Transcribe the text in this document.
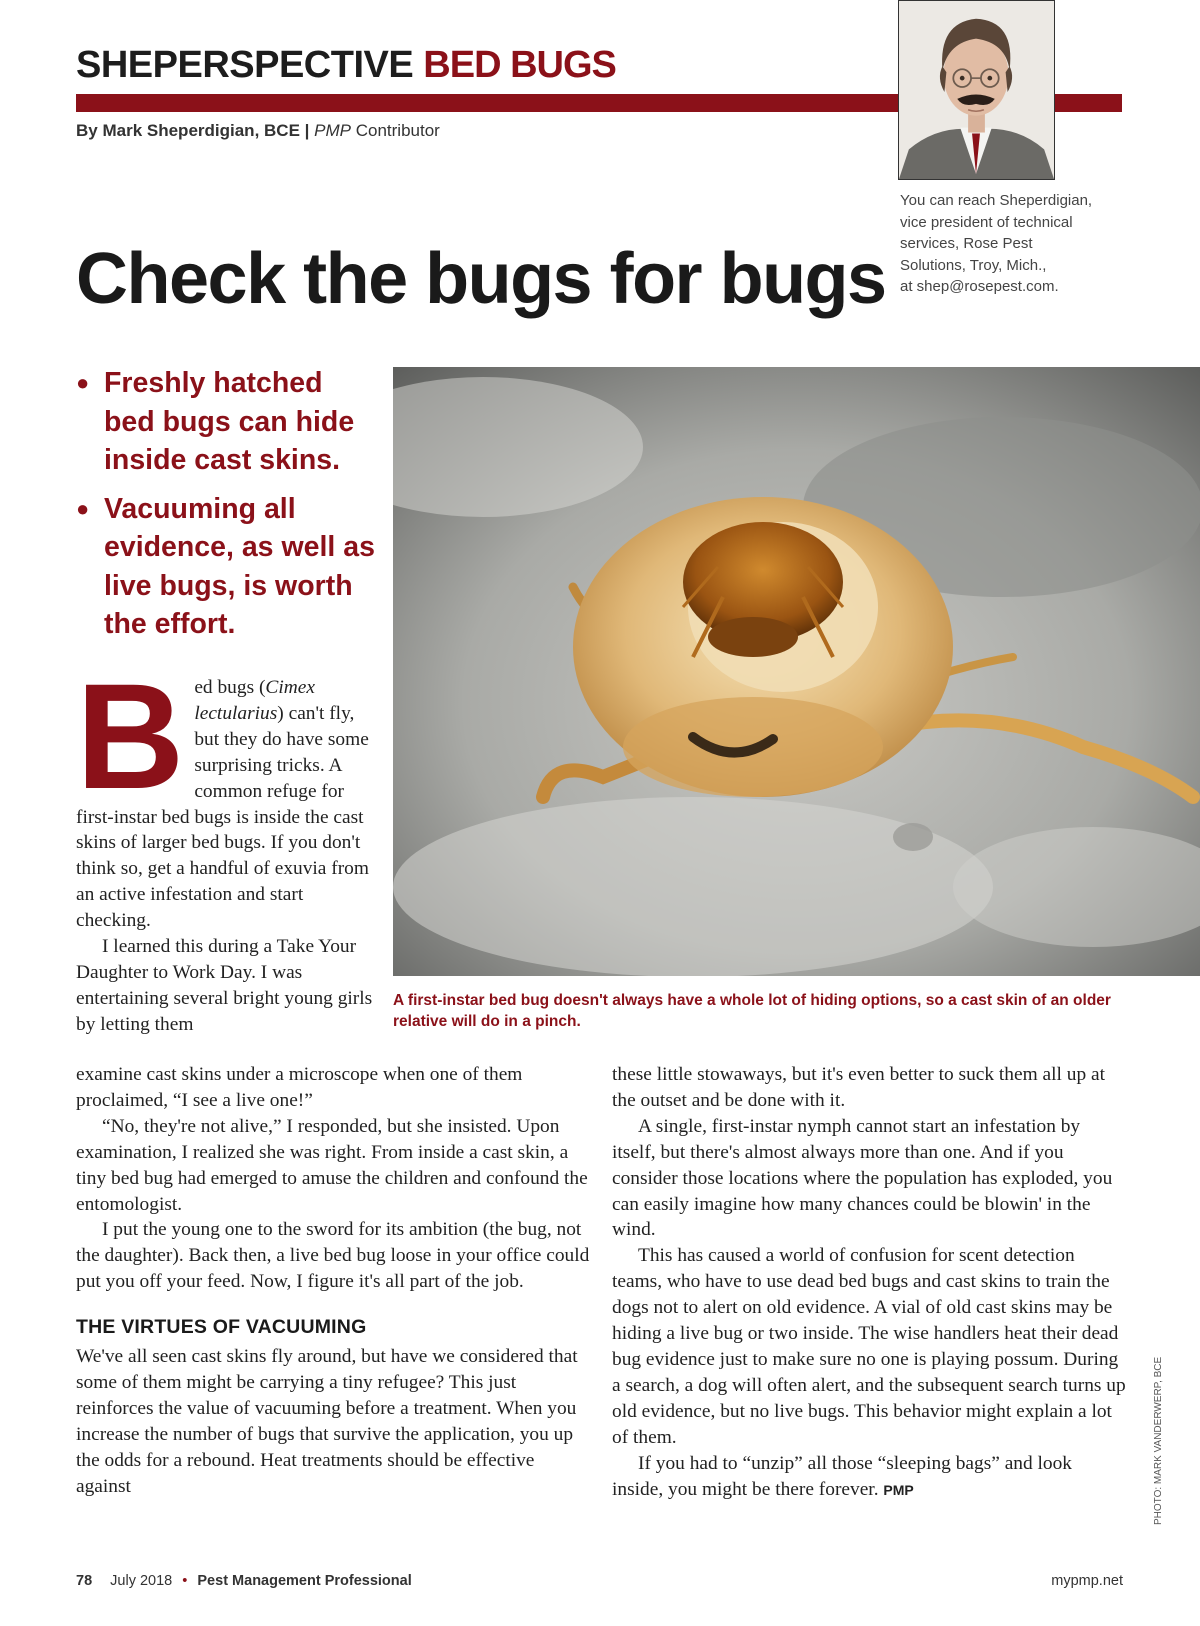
SHEPERSPECTIVE BED BUGS
By Mark Sheperdigian, BCE | PMP Contributor
You can reach Sheperdigian,
vice president of technical
services, Rose Pest
Solutions, Troy, Mich.,
at shep@rosepest.com.
Check the bugs for bugs
● Freshly hatched bed bugs can hide inside cast skins.
● Vacuuming all evidence, as well as live bugs, is worth the effort.

A first-instar bed bug doesn't always have a whole lot of hiding options, so a cast skin of an older relative will do in a pinch.

B ed bugs (Cimex lectularius) can't fly, but they do have some surprising tricks. A common refuge for first-instar bed bugs is inside the cast skins of larger bed bugs. If you don't think so, get a handful of exuvia from an active infestation and start checking.

I learned this during a Take Your Daughter to Work Day. I was entertaining several bright young girls by letting them

examine cast skins under a microscope when one of them proclaimed, “I see a live one!”

“No, they're not alive,” I responded, but she insisted. Upon examination, I realized she was right. From inside a cast skin, a tiny bed bug had emerged to amuse the children and confound the entomologist.

I put the young one to the sword for its ambition (the bug, not the daughter). Back then, a live bed bug loose in your office could put you off your feed. Now, I figure it's all part of the job.

THE VIRTUES OF VACUUMING

We've all seen cast skins fly around, but have we considered that some of them might be carrying a tiny refugee? This just reinforces the value of vacuuming before a treatment. When you increase the number of bugs that survive the application, you up the odds for a rebound. Heat treatments should be effective against

these little stowaways, but it's even better to suck them all up at the outset and be done with it.

A single, first-instar nymph cannot start an infestation by itself, but there's almost always more than one. And if you consider those locations where the population has exploded, you can easily imagine how many chances could be blowin' in the wind.

This has caused a world of confusion for scent detection teams, who have to use dead bed bugs and cast skins to train the dogs not to alert on old evidence. A vial of old cast skins may be hiding a live bug or two inside. The wise handlers heat their dead bug evidence just to make sure no one is playing possum. During a search, a dog will often alert, and the subsequent search turns up old evidence, but no live bugs. This behavior might explain a lot of them.

If you had to “unzip” all those “sleeping bags” and look inside, you might be there forever. PMP	PHOTO: MARK VANDERWERP, BCE
78 July 2018 • Pest Management Professional	mypmp.net
